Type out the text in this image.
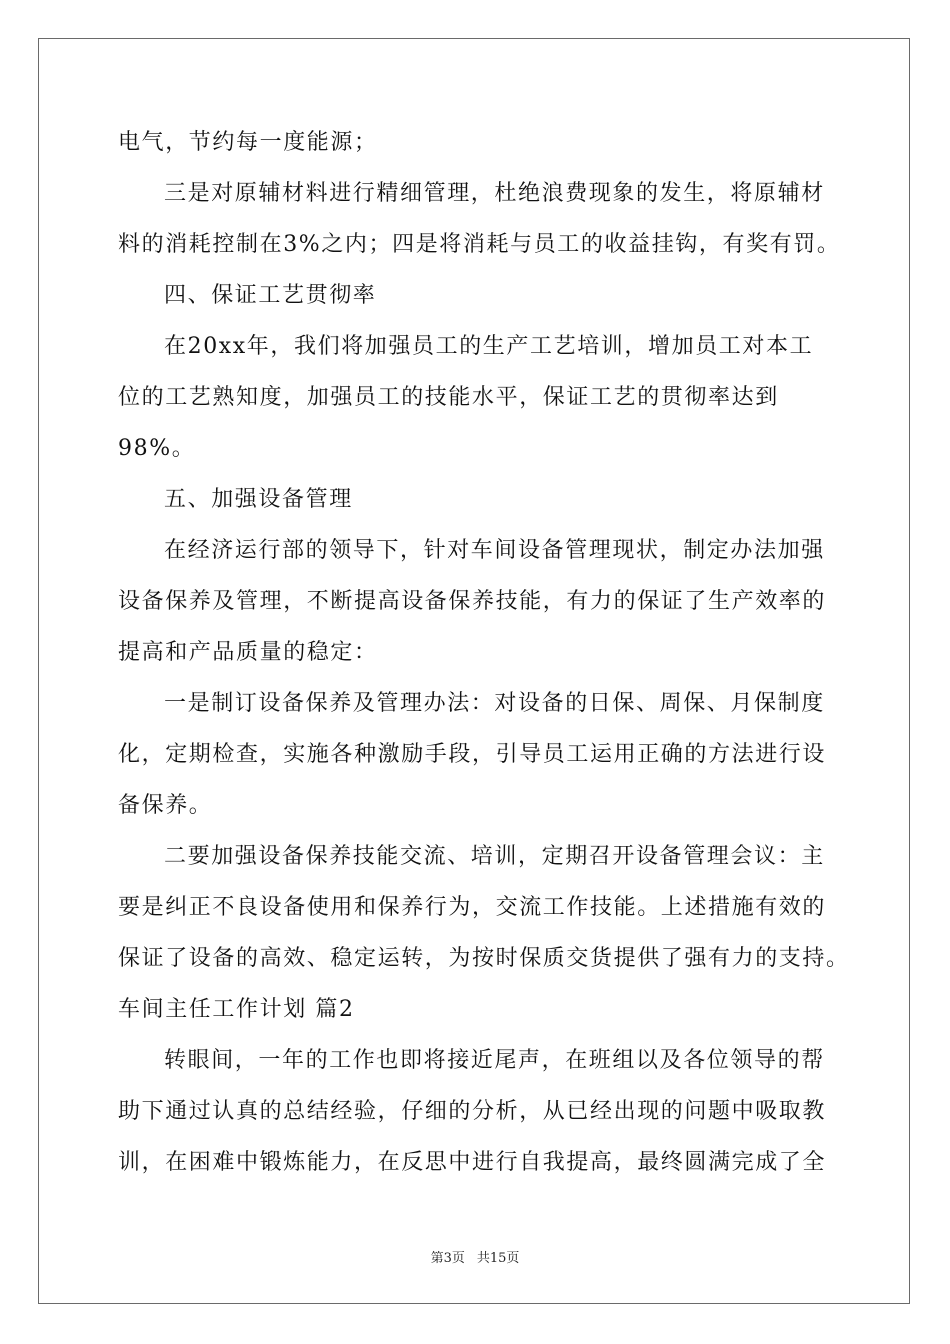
电气，节约每一度能源；
三是对原辅材料进行精细管理，杜绝浪费现象的发生，将原辅材
料的消耗控制在3%之内；四是将消耗与员工的收益挂钩，有奖有罚。
四、保证工艺贯彻率
在20xx年，我们将加强员工的生产工艺培训，增加员工对本工
位的工艺熟知度，加强员工的技能水平，保证工艺的贯彻率达到
98%。
五、加强设备管理
在经济运行部的领导下，针对车间设备管理现状，制定办法加强
设备保养及管理，不断提高设备保养技能，有力的保证了生产效率的
提高和产品质量的稳定：
一是制订设备保养及管理办法：对设备的日保、周保、月保制度
化，定期检查，实施各种激励手段，引导员工运用正确的方法进行设
备保养。
二要加强设备保养技能交流、培训，定期召开设备管理会议：主
要是纠正不良设备使用和保养行为，交流工作技能。上述措施有效的
保证了设备的高效、稳定运转，为按时保质交货提供了强有力的支持。
车间主任工作计划 篇2
转眼间，一年的工作也即将接近尾声，在班组以及各位领导的帮
助下通过认真的总结经验，仔细的分析，从已经出现的问题中吸取教
训，在困难中锻炼能力，在反思中进行自我提高，最终圆满完成了全
第3页 共15页
